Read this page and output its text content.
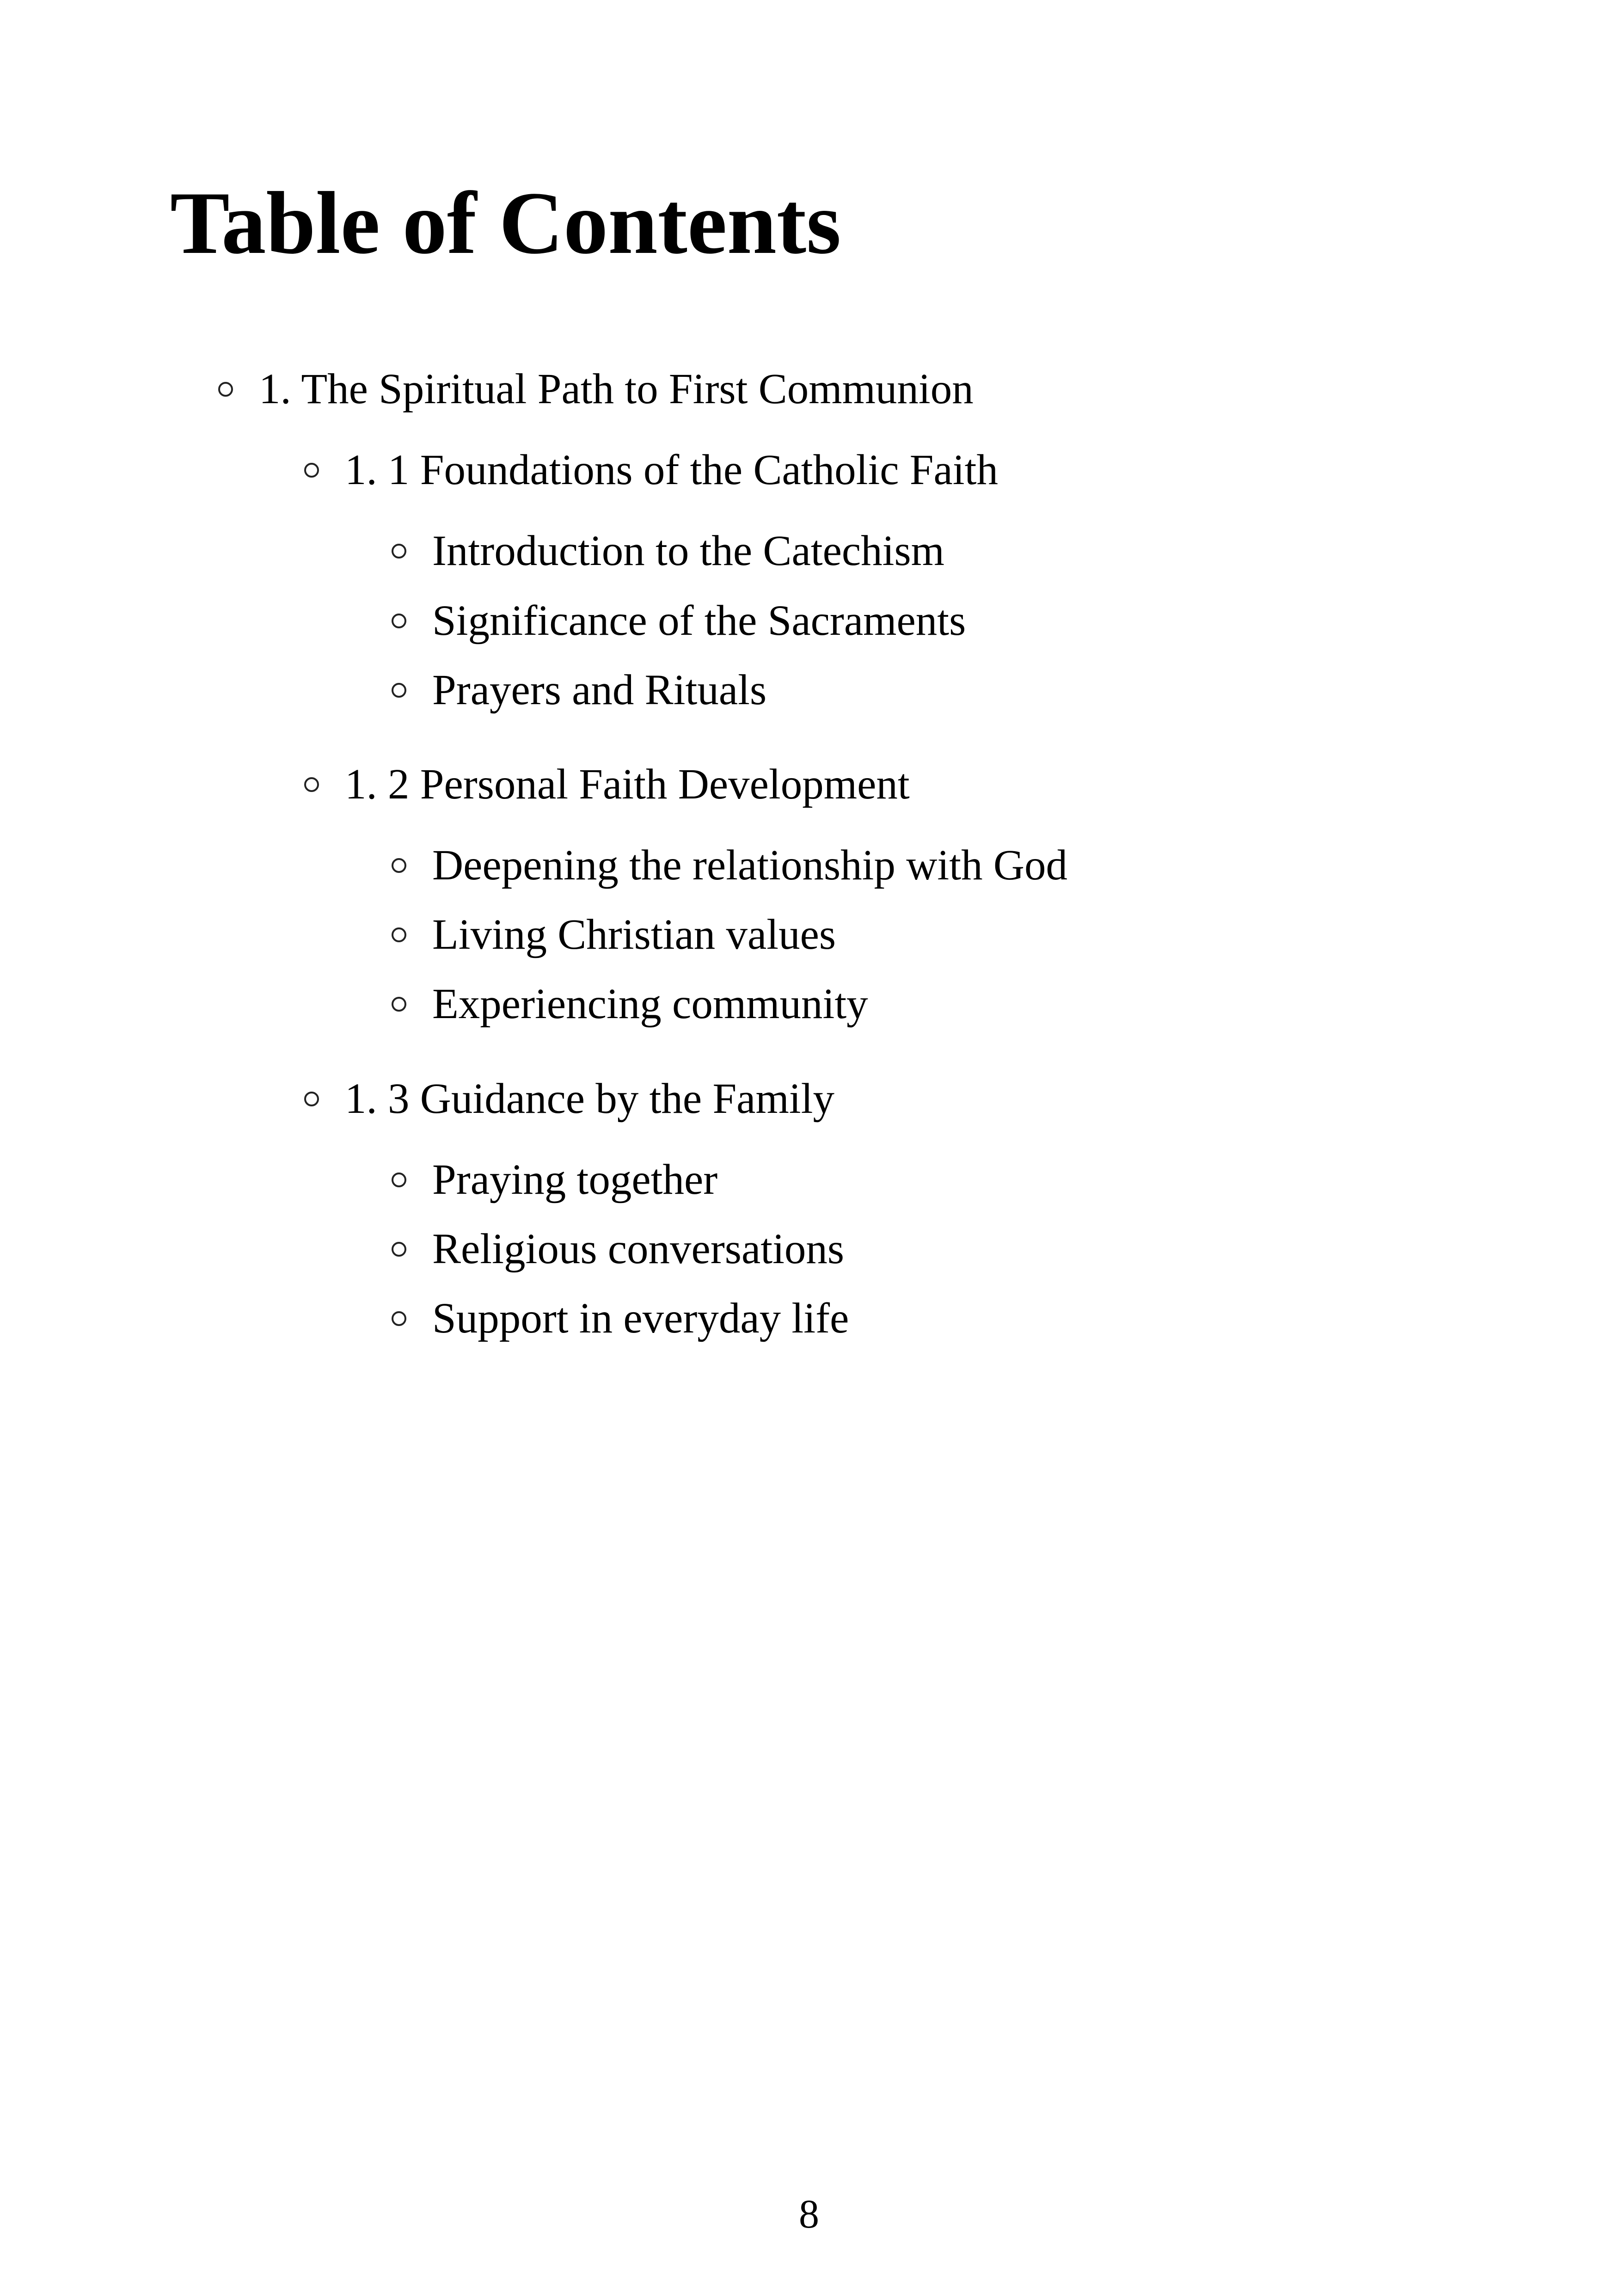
Table of Contents
1. The Spiritual Path to First Communion
1. 1 Foundations of the Catholic Faith
Introduction to the Catechism
Significance of the Sacraments
Prayers and Rituals
1. 2 Personal Faith Development
Deepening the relationship with God
Living Christian values
Experiencing community
1. 3 Guidance by the Family
Praying together
Religious conversations
Support in everyday life
8
